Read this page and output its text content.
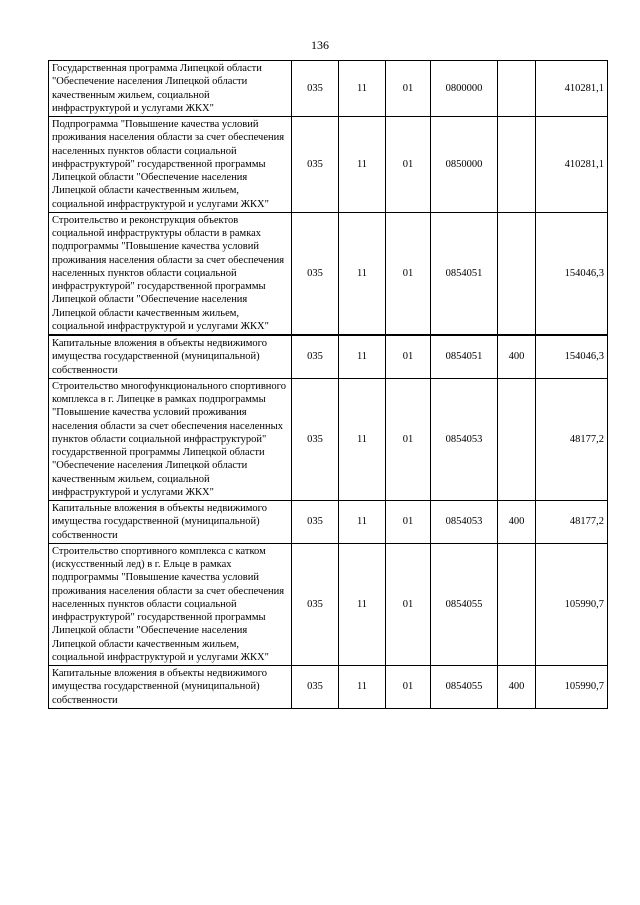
136
Государственная программа Липецкой области "Обеспечение населения Липецкой области качественным жильем, социальной инфраструктурой и услугами ЖКХ"	035	11	01	0800000		410281,1
Подпрограмма "Повышение качества условий проживания населения области за счет обеспечения населенных пунктов области социальной инфраструктурой" государственной программы Липецкой области "Обеспечение населения Липецкой области качественным жильем, социальной инфраструктурой и услугами ЖКХ"	035	11	01	0850000		410281,1
Строительство и реконструкция объектов социальной инфраструктуры области в рамках подпрограммы "Повышение качества условий проживания населения области за счет обеспечения населенных пунктов области социальной инфраструктурой" государственной программы Липецкой области "Обеспечение населения Липецкой области качественным жильем, социальной инфраструктурой и услугами ЖКХ"	035	11	01	0854051		154046,3
Капитальные вложения в объекты недвижимого имущества государственной (муниципальной) собственности	035	11	01	0854051	400	154046,3
Строительство многофункционального спортивного комплекса в г. Липецке в рамках подпрограммы "Повышение качества условий проживания населения области за счет обеспечения населенных пунктов области социальной инфраструктурой" государственной программы Липецкой области "Обеспечение населения Липецкой области качественным жильем, социальной инфраструктурой и услугами ЖКХ"	035	11	01	0854053		48177,2
Капитальные вложения в объекты недвижимого имущества государственной (муниципальной) собственности	035	11	01	0854053	400	48177,2
Строительство спортивного комплекса с катком (искусственный лед) в г. Ельце в рамках подпрограммы "Повышение качества условий проживания населения области за счет обеспечения населенных пунктов области социальной инфраструктурой" государственной программы Липецкой области "Обеспечение населения Липецкой области качественным жильем, социальной инфраструктурой и услугами ЖКХ"	035	11	01	0854055		105990,7
Капитальные вложения в объекты недвижимого имущества государственной (муниципальной) собственности	035	11	01	0854055	400	105990,7
